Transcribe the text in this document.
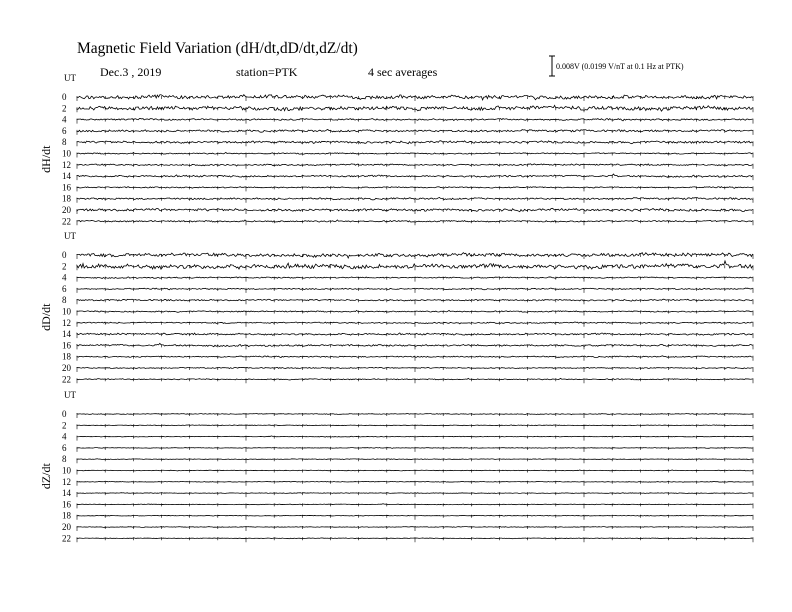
Magnetic Field Variation (dH/dt,dD/dt,dZ/dt)
Dec.3 , 2019	station=PTK	4 sec averages	0.008V (0.0199 V/nT at 0.1 Hz at PTK)
UT
dH/dt
0
2
4
6
8
10
12
14
16
18
20
22
UT
dD/dt
0
2
4
6
8
10
12
14
16
18
20
22
UT
dZ/dt
0
2
4
6
8
10
12
14
16
18
20
22
